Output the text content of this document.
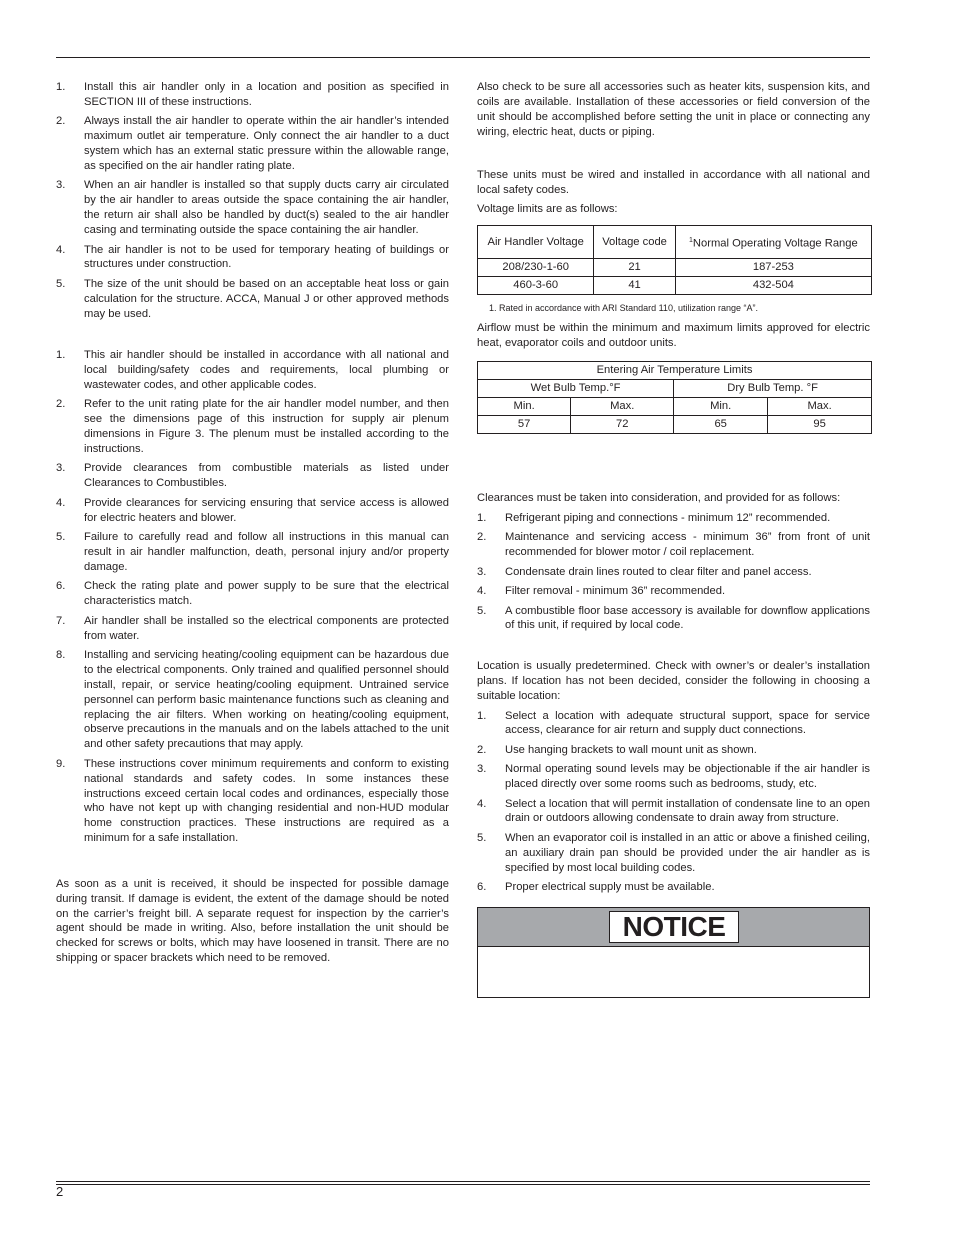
1. Install this air handler only in a location and position as specified in SECTION III of these instructions.
2. Always install the air handler to operate within the air handler’s intended maximum outlet air temperature. Only connect the air handler to a duct system which has an external static pressure within the allowable range, as specified on the air handler rating plate.
3. When an air handler is installed so that supply ducts carry air circulated by the air handler to areas outside the space containing the air handler, the return air shall also be handled by duct(s) sealed to the air handler casing and terminating outside the space containing the air handler.
4. The air handler is not to be used for temporary heating of buildings or structures under construction.
5. The size of the unit should be based on an acceptable heat loss or gain calculation for the structure. ACCA, Manual J or other approved methods may be used.
1. This air handler should be installed in accordance with all national and local building/safety codes and requirements, local plumbing or wastewater codes, and other applicable codes.
2. Refer to the unit rating plate for the air handler model number, and then see the dimensions page of this instruction for supply air plenum dimensions in Figure 3. The plenum must be installed according to the instructions.
3. Provide clearances from combustible materials as listed under Clearances to Combustibles.
4. Provide clearances for servicing ensuring that service access is allowed for electric heaters and blower.
5. Failure to carefully read and follow all instructions in this manual can result in air handler malfunction, death, personal injury and/or property damage.
6. Check the rating plate and power supply to be sure that the electrical characteristics match.
7. Air handler shall be installed so the electrical components are protected from water.
8. Installing and servicing heating/cooling equipment can be hazardous due to the electrical components. Only trained and qualified personnel should install, repair, or service heating/cooling equipment. Untrained service personnel can perform basic maintenance functions such as cleaning and replacing the air filters. When working on heating/cooling equipment, observe precautions in the manuals and on the labels attached to the unit and other safety precautions that may apply.
9. These instructions cover minimum requirements and conform to existing national standards and safety codes. In some instances these instructions exceed certain local codes and ordinances, especially those who have not kept up with changing residential and non-HUD modular home construction practices. These instructions are required as a minimum for a safe installation.

As soon as a unit is received, it should be inspected for possible damage during transit. If damage is evident, the extent of the damage should be noted on the carrier’s freight bill. A separate request for inspection by the carrier’s agent should be made in writing. Also, before installation the unit should be checked for screws or bolts, which may have loosened in transit. There are no shipping or spacer brackets which need to be removed.

Also check to be sure all accessories such as heater kits, suspension kits, and coils are available. Installation of these accessories or field conversion of the unit should be accomplished before setting the unit in place or connecting any wiring, electric heat, ducts or piping.

These units must be wired and installed in accordance with all national and local safety codes.

Voltage limits are as follows:

Air Handler Voltage	Voltage code	$^1$Normal Operating Voltage Range
208/230-1-60	21	187-253
460-3-60	41	432-504
1. Rated in accordance with ARI Standard 110, utilization range “A”.

Airflow must be within the minimum and maximum limits approved for electric heat, evaporator coils and outdoor units.

Entering Air Temperature Limits			
Wet Bulb Temp.°F		Dry Bulb Temp. °F	
Min.	Max.	Min.	Max.
57	72	65	95

Clearances must be taken into consideration, and provided for as follows:

1. Refrigerant piping and connections - minimum 12” recommended.
2. Maintenance and servicing access - minimum 36” from front of unit recommended for blower motor / coil replacement.
3. Condensate drain lines routed to clear filter and panel access.
4. Filter removal - minimum 36” recommended.
5. A combustible floor base accessory is available for downflow applications of this unit, if required by local code.

Location is usually predetermined. Check with owner’s or dealer’s installation plans. If location has not been decided, consider the following in choosing a suitable location:

1. Select a location with adequate structural support, space for service access, clearance for air return and supply duct connections.
2. Use hanging brackets to wall mount unit as shown.
3. Normal operating sound levels may be objectionable if the air handler is placed directly over some rooms such as bedrooms, study, etc.
4. Select a location that will permit installation of condensate line to an open drain or outdoors allowing condensate to drain away from structure.
5. When an evaporator coil is installed in an attic or above a finished ceiling, an auxiliary drain pan should be provided under the air handler as is specified by most local building codes.
6. Proper electrical supply must be available.
NOTICE
2
